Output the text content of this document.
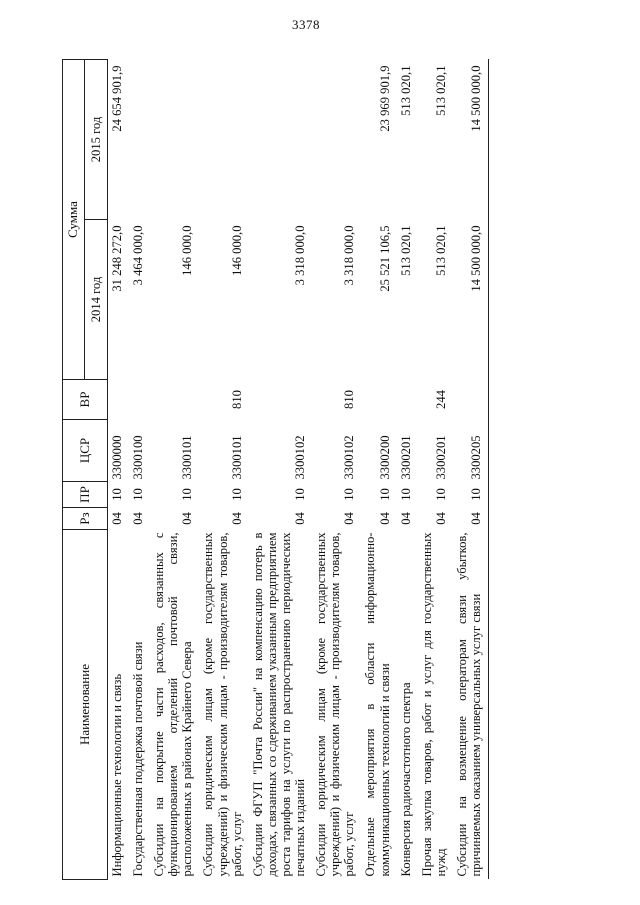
3378
Наименование	Рз	ПР	ЦСР	ВР	Сумма	
					2014 год	2015 год
Информационные технологии и связь	04	10	3300000		31 248 272,0	24 654 901,9
Государственная поддержка почтовой связи	04	10	3300100		3 464 000,0	
Субсидии на покрытие части расходов, связанных с функционированием отделений почтовой связи, расположенных в районах Крайнего Севера	04	10	3300101		146 000,0	
Субсидии юридическим лицам (кроме государственных учреждений) и физическим лицам - производителям товаров, работ, услуг	04	10	3300101	810	146 000,0	
Субсидии ФГУП "Почта России" на компенсацию потерь в доходах, связанных со сдерживанием указанным предприятием роста тарифов на услуги по распространению периодических печатных изданий	04	10	3300102		3 318 000,0	
Субсидии юридическим лицам (кроме государственных учреждений) и физическим лицам - производителям товаров, работ, услуг	04	10	3300102	810	3 318 000,0	
Отдельные мероприятия в области информационно-коммуникационных технологий и связи	04	10	3300200		25 521 106,5	23 969 901,9
Конверсия радиочастотного спектра	04	10	3300201		513 020,1	513 020,1
Прочая закупка товаров, работ и услуг для государственных нужд	04	10	3300201	244	513 020,1	513 020,1
Субсидии на возмещение операторам связи убытков, причиняемых оказанием универсальных услуг связи	04	10	3300205		14 500 000,0	14 500 000,0
